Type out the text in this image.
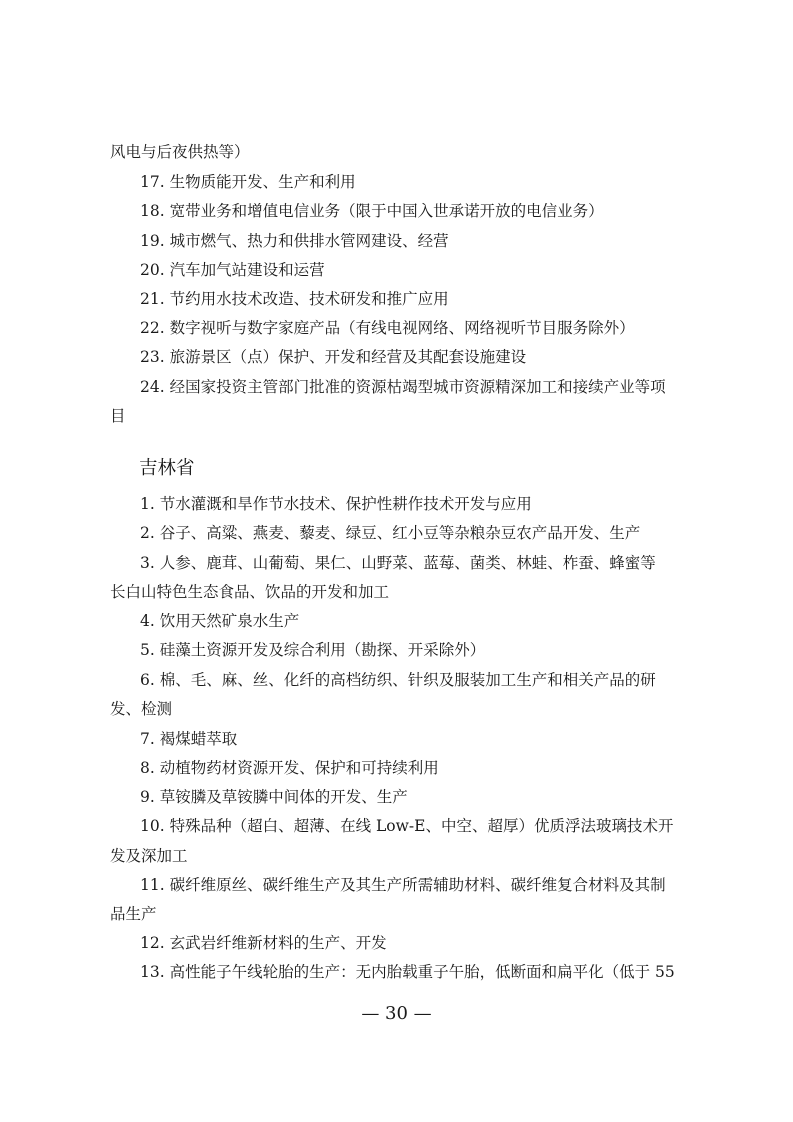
风电与后夜供热等）
17. 生物质能开发、生产和利用
18. 宽带业务和增值电信业务（限于中国入世承诺开放的电信业务）
19. 城市燃气、热力和供排水管网建设、经营
20. 汽车加气站建设和运营
21. 节约用水技术改造、技术研发和推广应用
22. 数字视听与数字家庭产品（有线电视网络、网络视听节目服务除外）
23. 旅游景区（点）保护、开发和经营及其配套设施建设
24. 经国家投资主管部门批准的资源枯竭型城市资源精深加工和接续产业等项
目
吉林省
1. 节水灌溉和旱作节水技术、保护性耕作技术开发与应用
2. 谷子、高粱、燕麦、藜麦、绿豆、红小豆等杂粮杂豆农产品开发、生产
3. 人参、鹿茸、山葡萄、果仁、山野菜、蓝莓、菌类、林蛙、柞蚕、蜂蜜等
长白山特色生态食品、饮品的开发和加工
4. 饮用天然矿泉水生产
5. 硅藻土资源开发及综合利用（勘探、开采除外）
6. 棉、毛、麻、丝、化纤的高档纺织、针织及服装加工生产和相关产品的研
发、检测
7. 褐煤蜡萃取
8. 动植物药材资源开发、保护和可持续利用
9. 草铵膦及草铵膦中间体的开发、生产
10. 特殊品种（超白、超薄、在线 Low-E、中空、超厚）优质浮法玻璃技术开
发及深加工
11. 碳纤维原丝、碳纤维生产及其生产所需辅助材料、碳纤维复合材料及其制
品生产
12. 玄武岩纤维新材料的生产、开发
13. 高性能子午线轮胎的生产：无内胎载重子午胎，低断面和扁平化（低于 55
— 30 —
